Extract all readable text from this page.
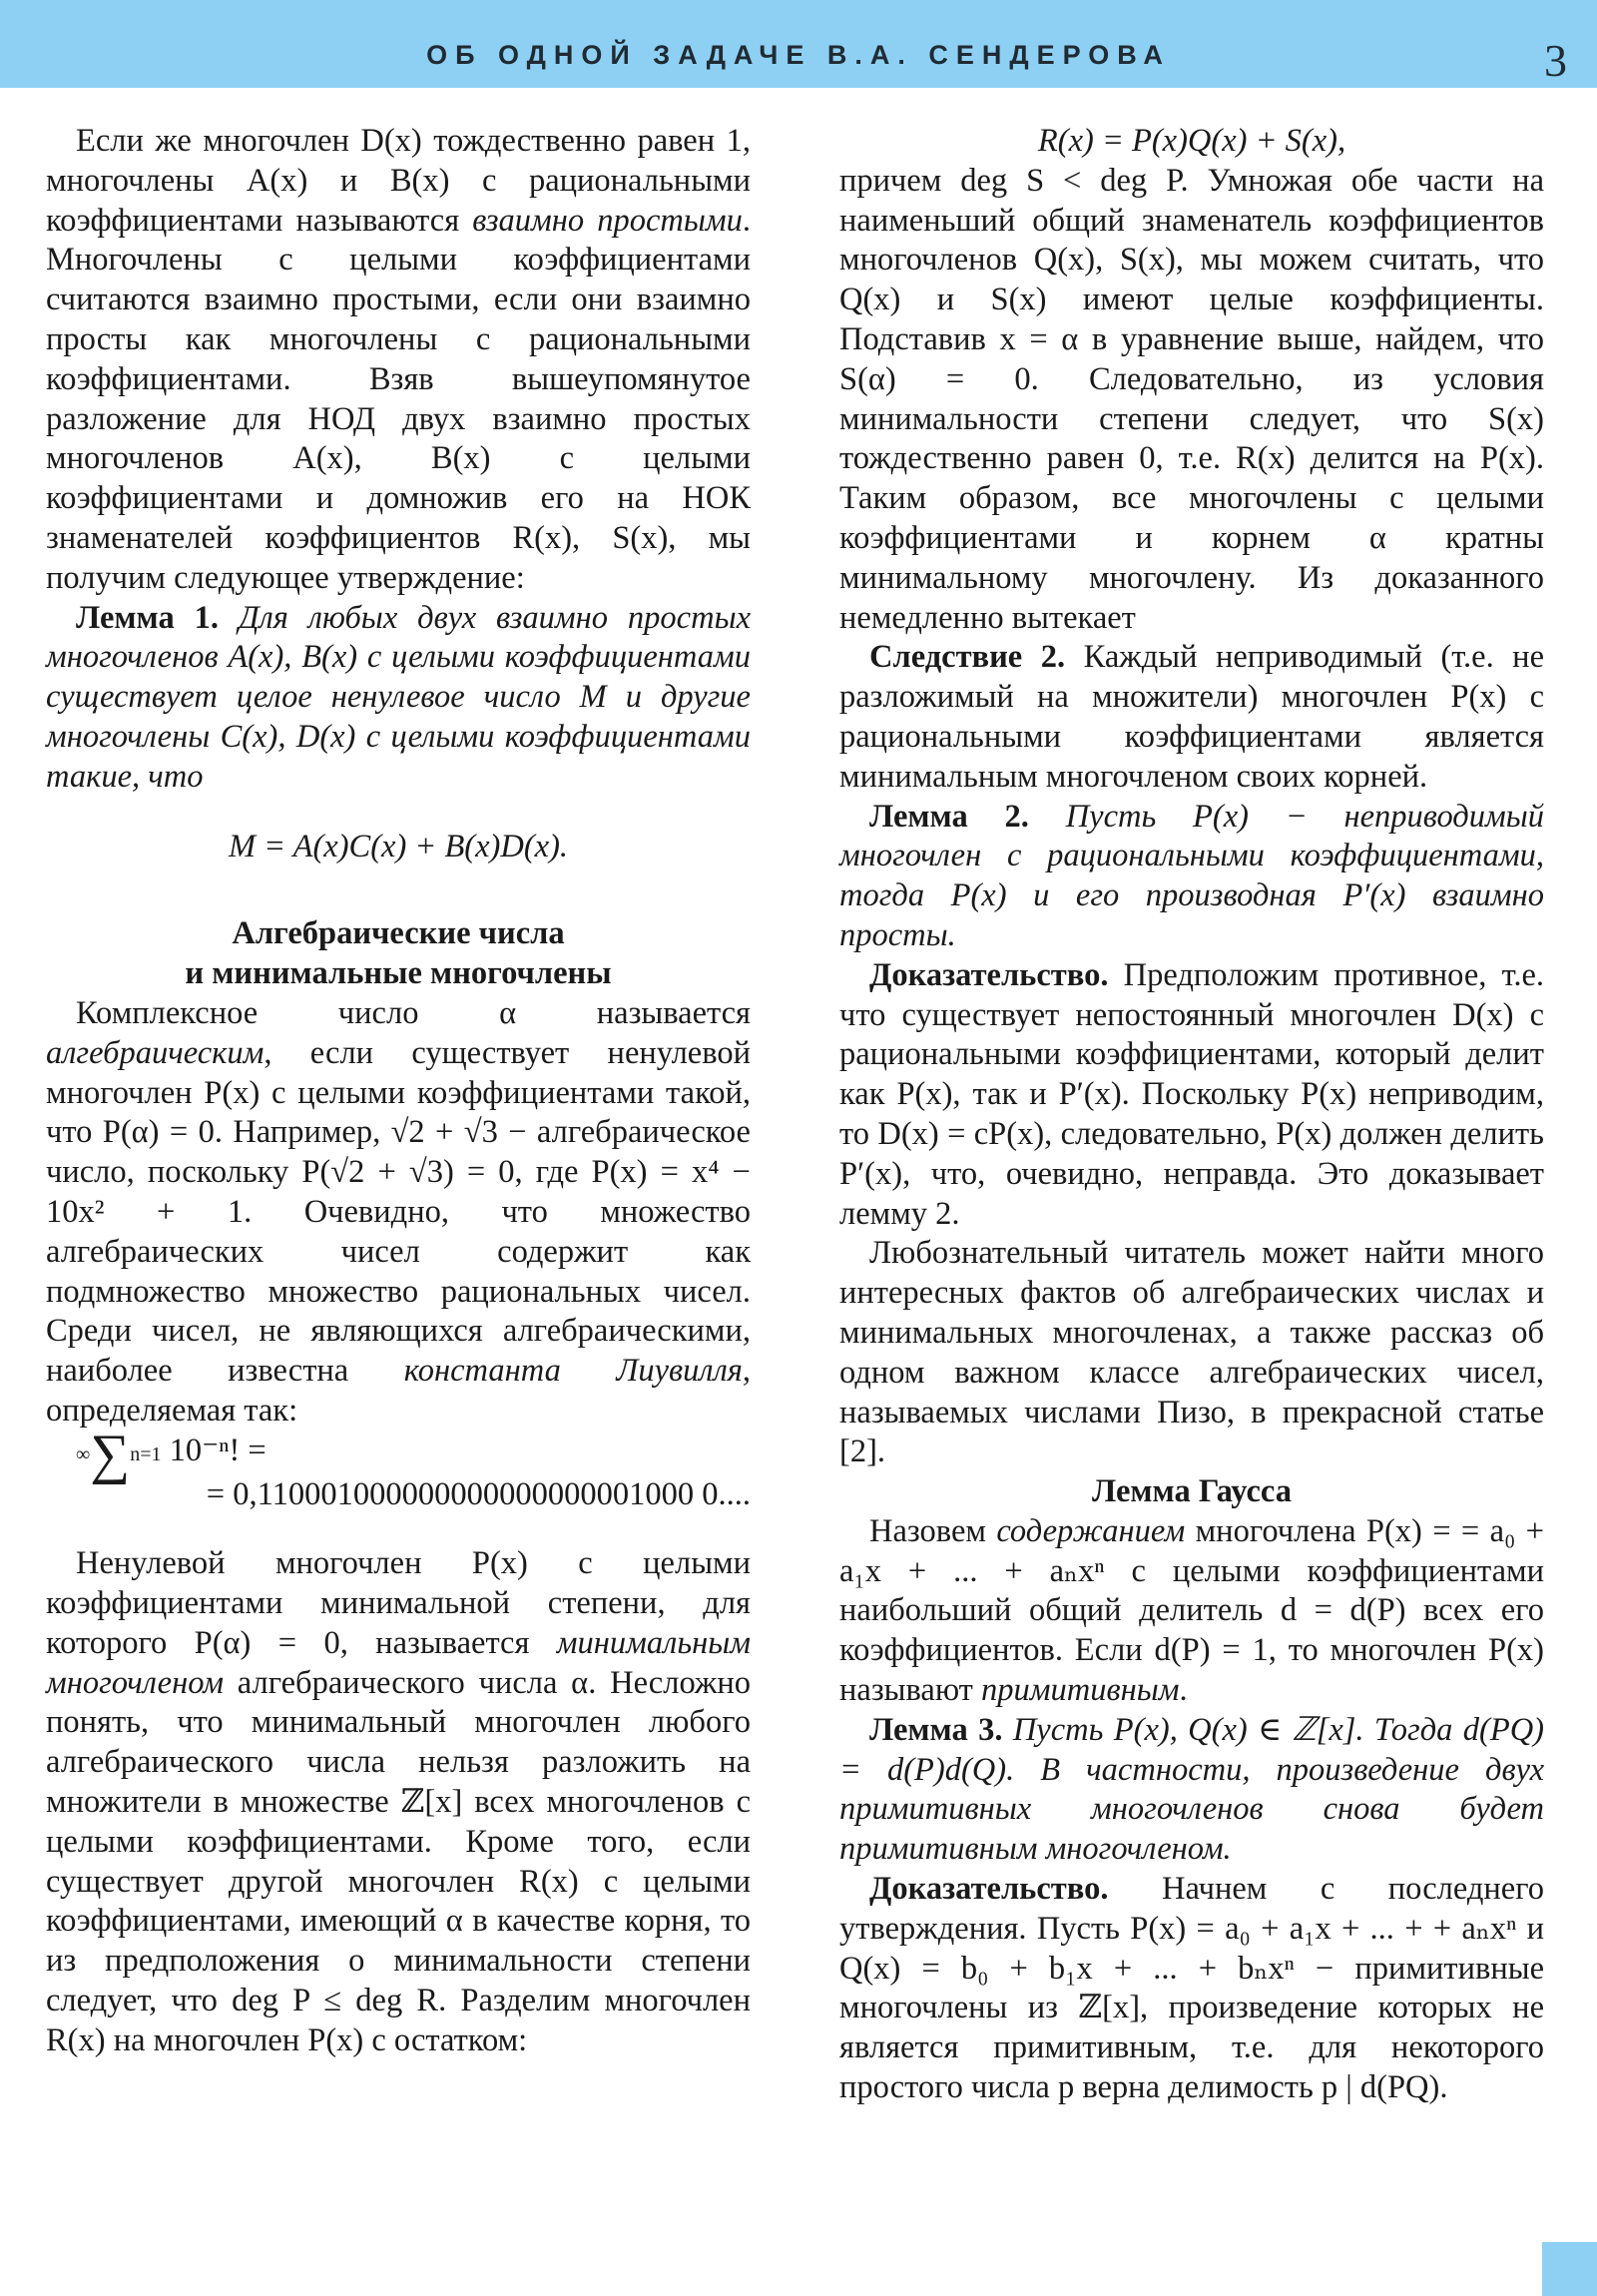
ОБ ОДНОЙ ЗАДАЧЕ В.А. СЕНДЕРОВА	3

Если же многочлен D(x) тождественно равен 1, многочлены A(x) и B(x) с рациональными коэффициентами называются взаимно простыми. Многочлены с целыми коэффициентами считаются взаимно простыми, если они взаимно просты как многочлены с рациональными коэффициентами. Взяв вышеупомянутое разложение для НОД двух взаимно простых многочленов A(x), B(x) с целыми коэффициентами и домножив его на НОК знаменателей коэффициентов R(x), S(x), мы получим следующее утверждение:

Лемма 1. Для любых двух взаимно простых многочленов A(x), B(x) с целыми коэффициентами существует целое ненулевое число M и другие многочлены C(x), D(x) с целыми коэффициентами такие, что

M = A(x)C(x) + B(x)D(x).

Алгебраические числа

и минимальные многочлены

Комплексное число α называется алгебраическим, если существует ненулевой многочлен P(x) с целыми коэффициентами такой, что P(α) = 0. Например, √2 + √3 − алгебраическое число, поскольку P(√2 + √3) = 0, где P(x) = x⁴ − 10x² + 1. Очевидно, что множество алгебраических чисел содержит как подмножество множество рациональных чисел. Среди чисел, не являющихся алгебраическими, наиболее известна константа Лиувилля, определяемая так:

∞∑n=1 10⁻ⁿ! =

= 0,110001000000000000000001000 0....

Ненулевой многочлен P(x) с целыми коэффициентами минимальной степени, для которого P(α) = 0, называется минимальным многочленом алгебраического числа α. Несложно понять, что минимальный многочлен любого алгебраического числа нельзя разложить на множители в множестве ℤ[x] всех многочленов с целыми коэффициентами. Кроме того, если существует другой многочлен R(x) с целыми коэффициентами, имеющий α в качестве корня, то из предположения о минимальности степени следует, что deg P ≤ deg R. Разделим многочлен R(x) на многочлен P(x) с остатком:

R(x) = P(x)Q(x) + S(x),

причем deg S < deg P. Умножая обе части на наименьший общий знаменатель коэффициентов многочленов Q(x), S(x), мы можем считать, что Q(x) и S(x) имеют целые коэффициенты. Подставив x = α в уравнение выше, найдем, что S(α) = 0. Следовательно, из условия минимальности степени следует, что S(x) тождественно равен 0, т.е. R(x) делится на P(x). Таким образом, все многочлены с целыми коэффициентами и корнем α кратны минимальному многочлену. Из доказанного немедленно вытекает

Следствие 2. Каждый неприводимый (т.е. не разложимый на множители) многочлен P(x) с рациональными коэффициентами является минимальным многочленом своих корней.

Лемма 2. Пусть P(x) − неприводимый многочлен с рациональными коэффициентами, тогда P(x) и его производная P′(x) взаимно просты.

Доказательство. Предположим противное, т.е. что существует непостоянный многочлен D(x) с рациональными коэффициентами, который делит как P(x), так и P′(x). Поскольку P(x) неприводим, то D(x) = cP(x), следовательно, P(x) должен делить P′(x), что, очевидно, неправда. Это доказывает лемму 2.

Любознательный читатель может найти много интересных фактов об алгебраических числах и минимальных многочленах, а также рассказ об одном важном классе алгебраических чисел, называемых числами Пизо, в прекрасной статье [2].

Лемма Гаусса

Назовем содержанием многочлена P(x) = = a₀ + a₁x + ... + aₙxⁿ с целыми коэффициентами наибольший общий делитель d = d(P) всех его коэффициентов. Если d(P) = 1, то многочлен P(x) называют примитивным.

Лемма 3. Пусть P(x), Q(x) ∈ ℤ[x]. Тогда d(PQ) = d(P)d(Q). В частности, произведение двух примитивных многочленов снова будет примитивным многочленом.

Доказательство. Начнем с последнего утверждения. Пусть P(x) = a₀ + a₁x + ... + + aₙxⁿ и Q(x) = b₀ + b₁x + ... + bₙxⁿ − примитивные многочлены из ℤ[x], произведение которых не является примитивным, т.е. для некоторого простого числа p верна делимость p | d(PQ).
